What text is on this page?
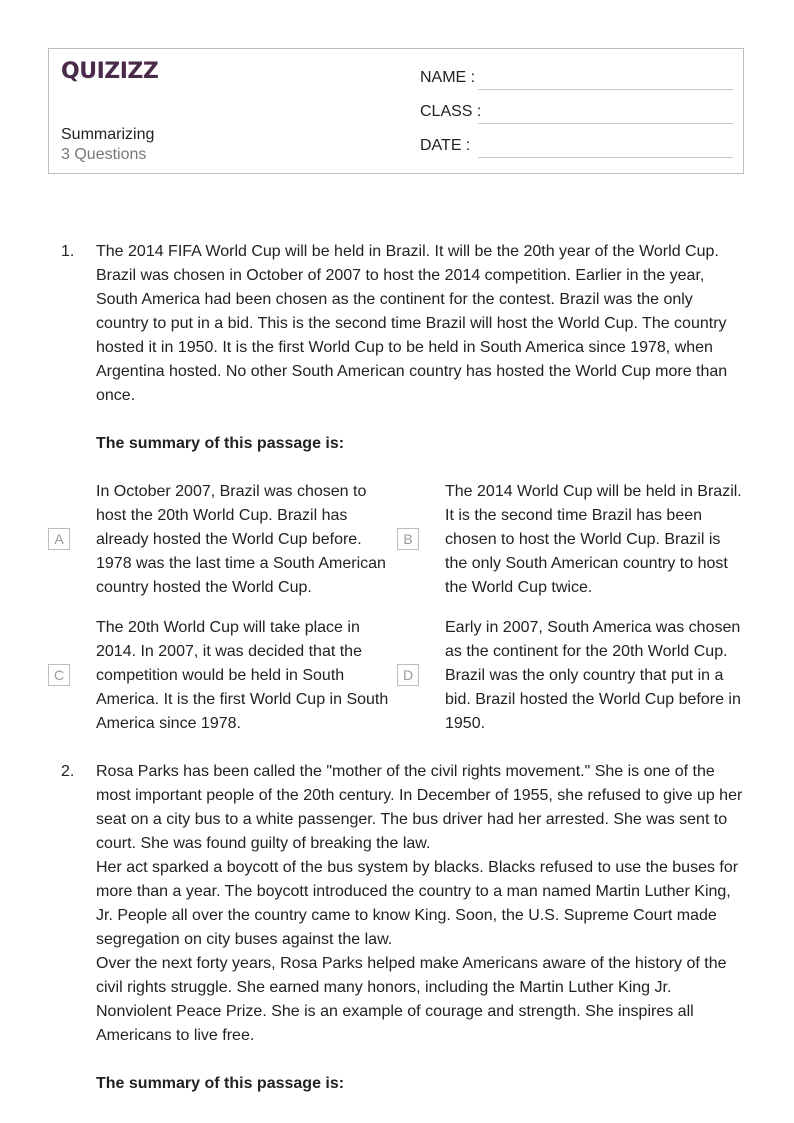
QUIZIZZ
Summarizing
3 Questions
NAME :
CLASS :
DATE :
1. The 2014 FIFA World Cup will be held in Brazil. It will be the 20th year of the World Cup. Brazil was chosen in October of 2007 to host the 2014 competition. Earlier in the year, South America had been chosen as the continent for the contest. Brazil was the only country to put in a bid. This is the second time Brazil will host the World Cup. The country hosted it in 1950. It is the first World Cup to be held in South America since 1978, when Argentina hosted. No other South American country has hosted the World Cup more than once.

The summary of this passage is:
A
In October 2007, Brazil was chosen to host the 20th World Cup. Brazil has already hosted the World Cup before. 1978 was the last time a South American country hosted the World Cup.
B
The 2014 World Cup will be held in Brazil. It is the second time Brazil has been chosen to host the World Cup. Brazil is the only South American country to host the World Cup twice.
C
The 20th World Cup will take place in 2014. In 2007, it was decided that the competition would be held in South America. It is the first World Cup in South America since 1978.
D
Early in 2007, South America was chosen as the continent for the 20th World Cup. Brazil was the only country that put in a bid. Brazil hosted the World Cup before in 1950.
2. Rosa Parks has been called the "mother of the civil rights movement." She is one of the most important people of the 20th century. In December of 1955, she refused to give up her seat on a city bus to a white passenger. The bus driver had her arrested. She was sent to court. She was found guilty of breaking the law.

Her act sparked a boycott of the bus system by blacks. Blacks refused to use the buses for more than a year. The boycott introduced the country to a man named Martin Luther King, Jr. People all over the country came to know King. Soon, the U.S. Supreme Court made segregation on city buses against the law.

Over the next forty years, Rosa Parks helped make Americans aware of the history of the civil rights struggle. She earned many honors, including the Martin Luther King Jr. Nonviolent Peace Prize. She is an example of courage and strength. She inspires all Americans to live free.

The summary of this passage is:
